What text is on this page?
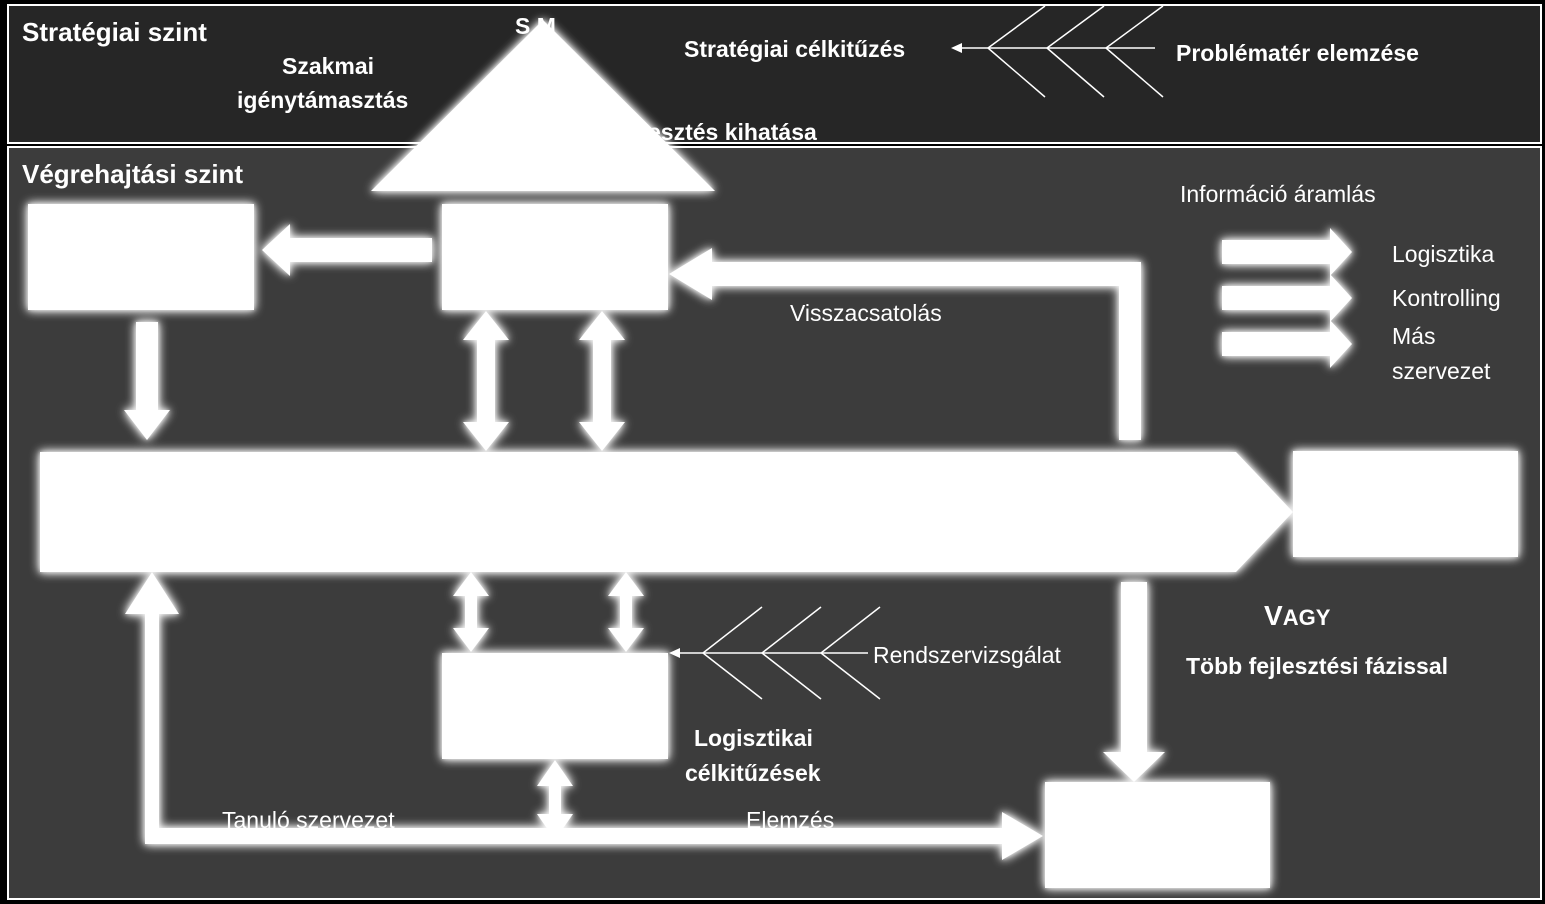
Stratégiai szint
Végrehajtási szint
Szakmai
igénytámasztás
S M
esztés kihatása
Stratégiai célkitűzés	Problématér elemzése
Információ áramlás
Logisztika
Kontrolling
Más
szervezet
Visszacsatolás
VAGY
Több fejlesztési fázissal
Rendszervizsgálat
Logisztikai
célkitűzések
Tanuló szervezet	Elemzés
